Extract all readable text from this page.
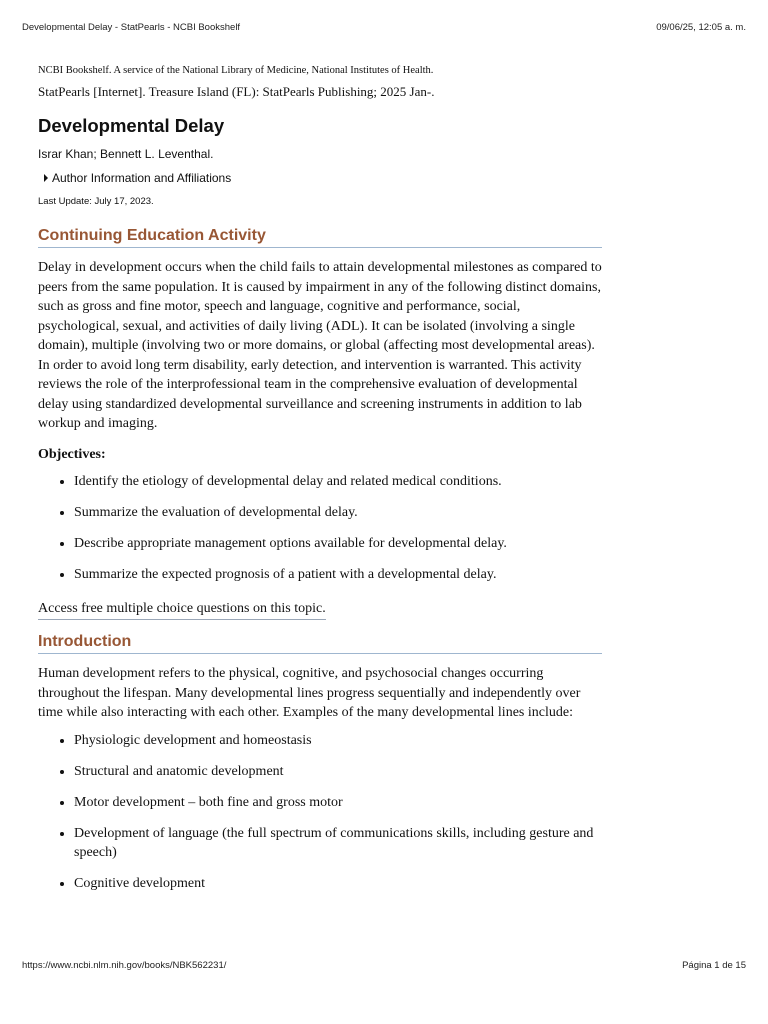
Developmental Delay - StatPearls - NCBI Bookshelf	09/06/25, 12:05 a. m.

NCBI Bookshelf. A service of the National Library of Medicine, National Institutes of Health.

StatPearls [Internet]. Treasure Island (FL): StatPearls Publishing; 2025 Jan-.

Developmental Delay

Israr Khan; Bennett L. Leventhal.

Author Information and Affiliations

Last Update: July 17, 2023.

Continuing Education Activity

Delay in development occurs when the child fails to attain developmental milestones as compared to peers from the same population. It is caused by impairment in any of the following distinct domains, such as gross and fine motor, speech and language, cognitive and performance, social, psychological, sexual, and activities of daily living (ADL). It can be isolated (involving a single domain), multiple (involving two or more domains, or global (affecting most developmental areas). In order to avoid long term disability, early detection, and intervention is warranted. This activity reviews the role of the interprofessional team in the comprehensive evaluation of developmental delay using standardized developmental surveillance and screening instruments in addition to lab workup and imaging.

Objectives:

• Identify the etiology of developmental delay and related medical conditions.
• Summarize the evaluation of developmental delay.
• Describe appropriate management options available for developmental delay.
• Summarize the expected prognosis of a patient with a developmental delay.
Access free multiple choice questions on this topic.
Introduction

Human development refers to the physical, cognitive, and psychosocial changes occurring throughout the lifespan. Many developmental lines progress sequentially and independently over time while also interacting with each other. Examples of the many developmental lines include:

• Physiologic development and homeostasis
• Structural and anatomic development
• Motor development – both fine and gross motor
• Development of language (the full spectrum of communications skills, including gesture and speech)
• Cognitive development
https://www.ncbi.nlm.nih.gov/books/NBK562231/	Página 1 de 15
